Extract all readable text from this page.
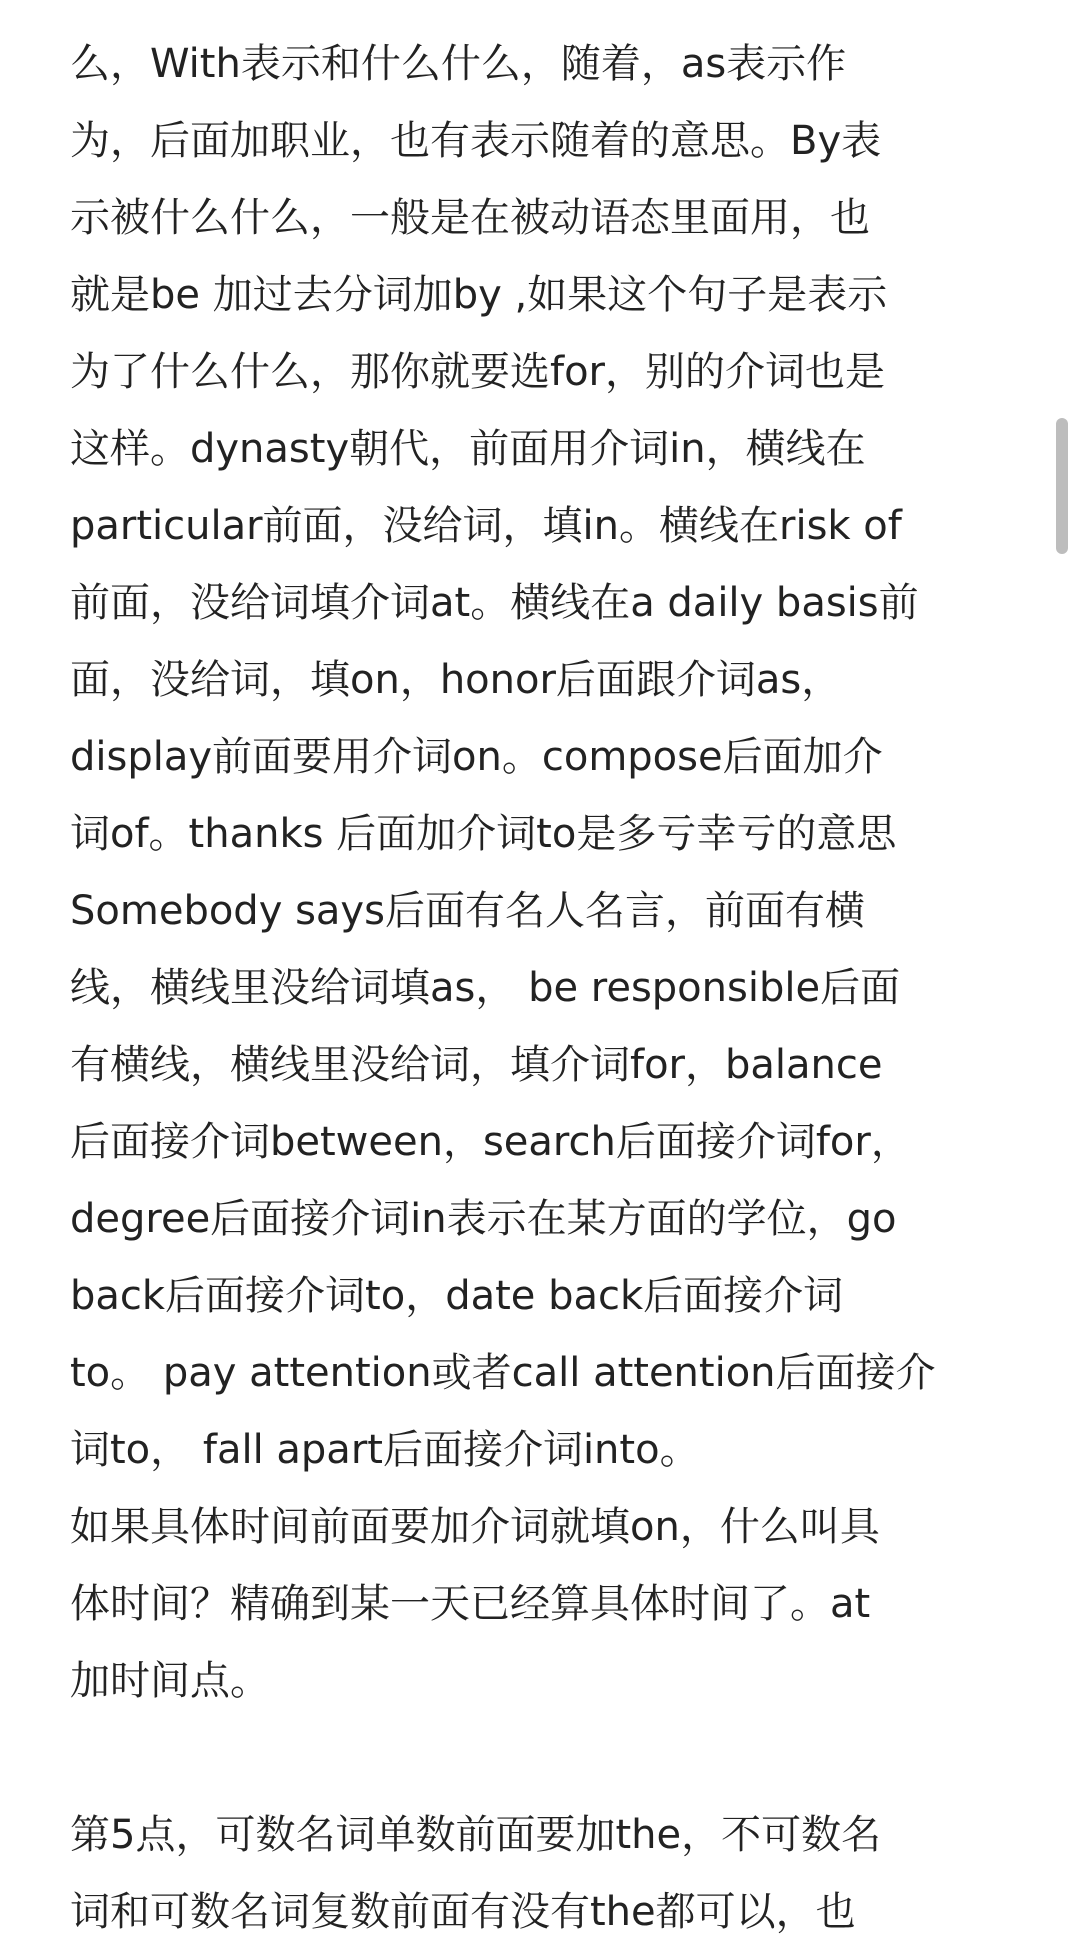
么，With表示和什么什么，随着，as表示作
为，后面加职业，也有表示随着的意思。By表
示被什么什么，一般是在被动语态里面用，也
就是be 加过去分词加by ,如果这个句子是表示
为了什么什么，那你就要选for，别的介词也是
这样。dynasty朝代，前面用介词in，横线在
particular前面，没给词，填in。横线在risk of
前面，没给词填介词at。横线在a daily basis前
面，没给词，填on，honor后面跟介词as，
display前面要用介词on。compose后面加介
词of。thanks 后面加介词to是多亏幸亏的意思
Somebody says后面有名人名言，前面有横
线，横线里没给词填as， be responsible后面
有横线，横线里没给词，填介词for，balance
后面接介词between，search后面接介词for，
degree后面接介词in表示在某方面的学位，go
back后面接介词to，date back后面接介词
to。 pay attention或者call attention后面接介
词to， fall apart后面接介词into。
如果具体时间前面要加介词就填on，什么叫具
体时间？精确到某一天已经算具体时间了。at
加时间点。
第5点，可数名词单数前面要加the，不可数名
词和可数名词复数前面有没有the都可以，也
